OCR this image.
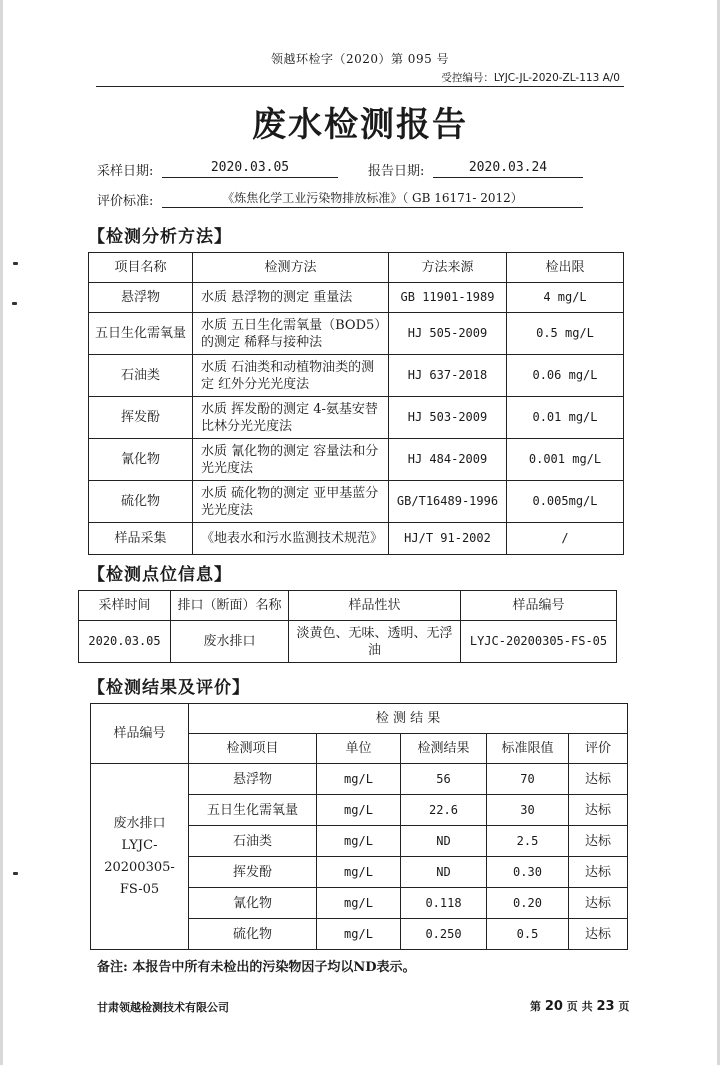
领越环检字（2020）第 095 号
受控编号：LYJC-JL-2020-ZL-113 A/0
废水检测报告
采样日期:	2020.03.05	报告日期:	2020.03.24
评价标准:	《炼焦化学工业污染物排放标准》（ GB 16171- 2012）
【检测分析方法】
项目名称	检测方法	方法来源	检出限
悬浮物	水质 悬浮物的测定 重量法	GB 11901-1989	4 mg/L
五日生化需氧量	水质 五日生化需氧量（BOD5）的测定 稀释与接种法	HJ 505-2009	0.5 mg/L
石油类	水质 石油类和动植物油类的测定 红外分光光度法	HJ 637-2018	0.06 mg/L
挥发酚	水质 挥发酚的测定 4-氨基安替比林分光光度法	HJ 503-2009	0.01 mg/L
氰化物	水质 氰化物的测定 容量法和分光光度法	HJ 484-2009	0.001 mg/L
硫化物	水质 硫化物的测定 亚甲基蓝分光光度法	GB/T16489-1996	0.005mg/L
样品采集	《地表水和污水监测技术规范》	HJ/T 91-2002	/
【检测点位信息】
采样时间	排口（断面）名称	样品性状	样品编号
2020.03.05	废水排口	淡黄色、无味、透明、无浮油	LYJC-20200305-FS-05
【检测结果及评价】
样品编号	检 测 结 果				
	检测项目	单位	检测结果	标准限值	评价
废水排口 LYJC-20200305-FS-05	悬浮物	mg/L	56	70	达标
	五日生化需氧量	mg/L	22.6	30	达标
	石油类	mg/L	ND	2.5	达标
	挥发酚	mg/L	ND	0.30	达标
	氰化物	mg/L	0.118	0.20	达标
	硫化物	mg/L	0.250	0.5	达标
备注: 本报告中所有未检出的污染物因子均以ND表示。
甘肃领越检测技术有限公司	第 20 页 共 23 页
